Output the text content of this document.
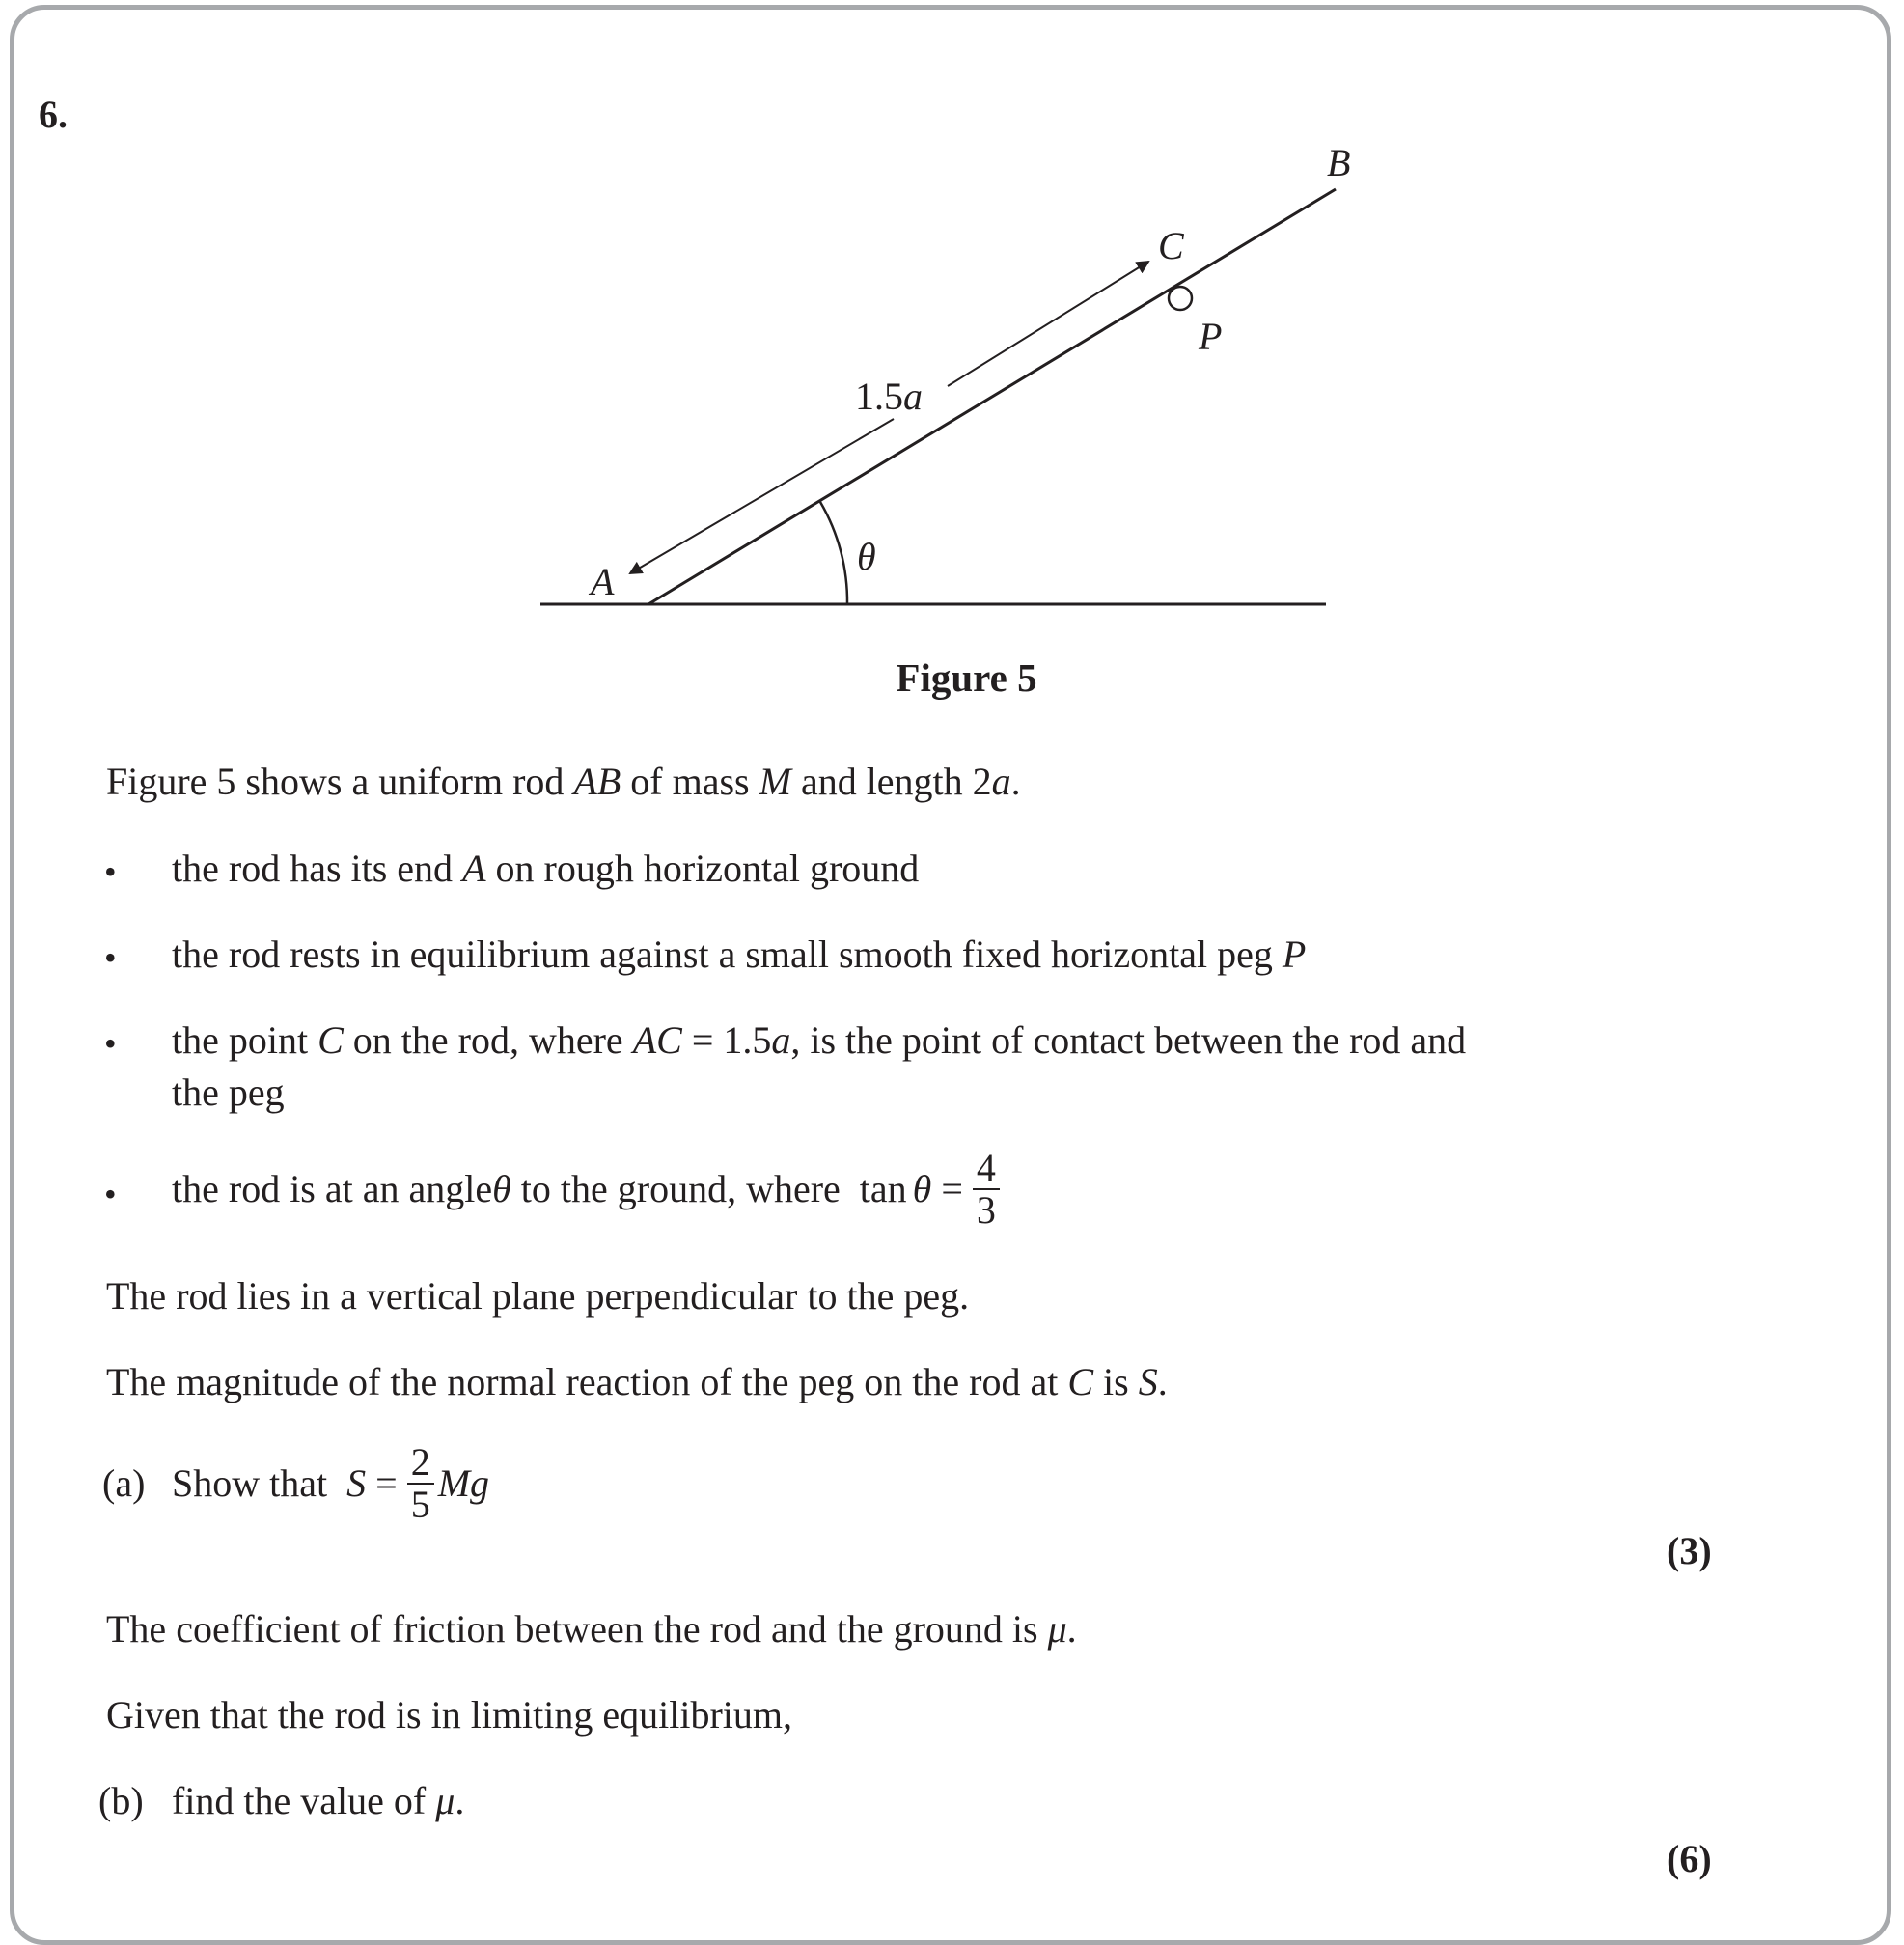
6.
B
C
P
A
θ
1.5a
Figure 5
Figure 5 shows a uniform rod AB of mass M and length 2a.
• the rod has its end A on rough horizontal ground
• the rod rests in equilibrium against a small smooth fixed horizontal peg P
• the point C on the rod, where AC = 1.5a, is the point of contact between the rod and
the peg
• the rod is at an angle θ to the ground, where  $\tan \theta = \frac{4}{3}$
The rod lies in a vertical plane perpendicular to the peg.
The magnitude of the normal reaction of the peg on the rod at C is S.
(a) Show that $S = \frac{2}{5}$ Mg
(3)
The coefficient of friction between the rod and the ground is μ.
Given that the rod is in limiting equilibrium,
(b) find the value of μ.
(6)
